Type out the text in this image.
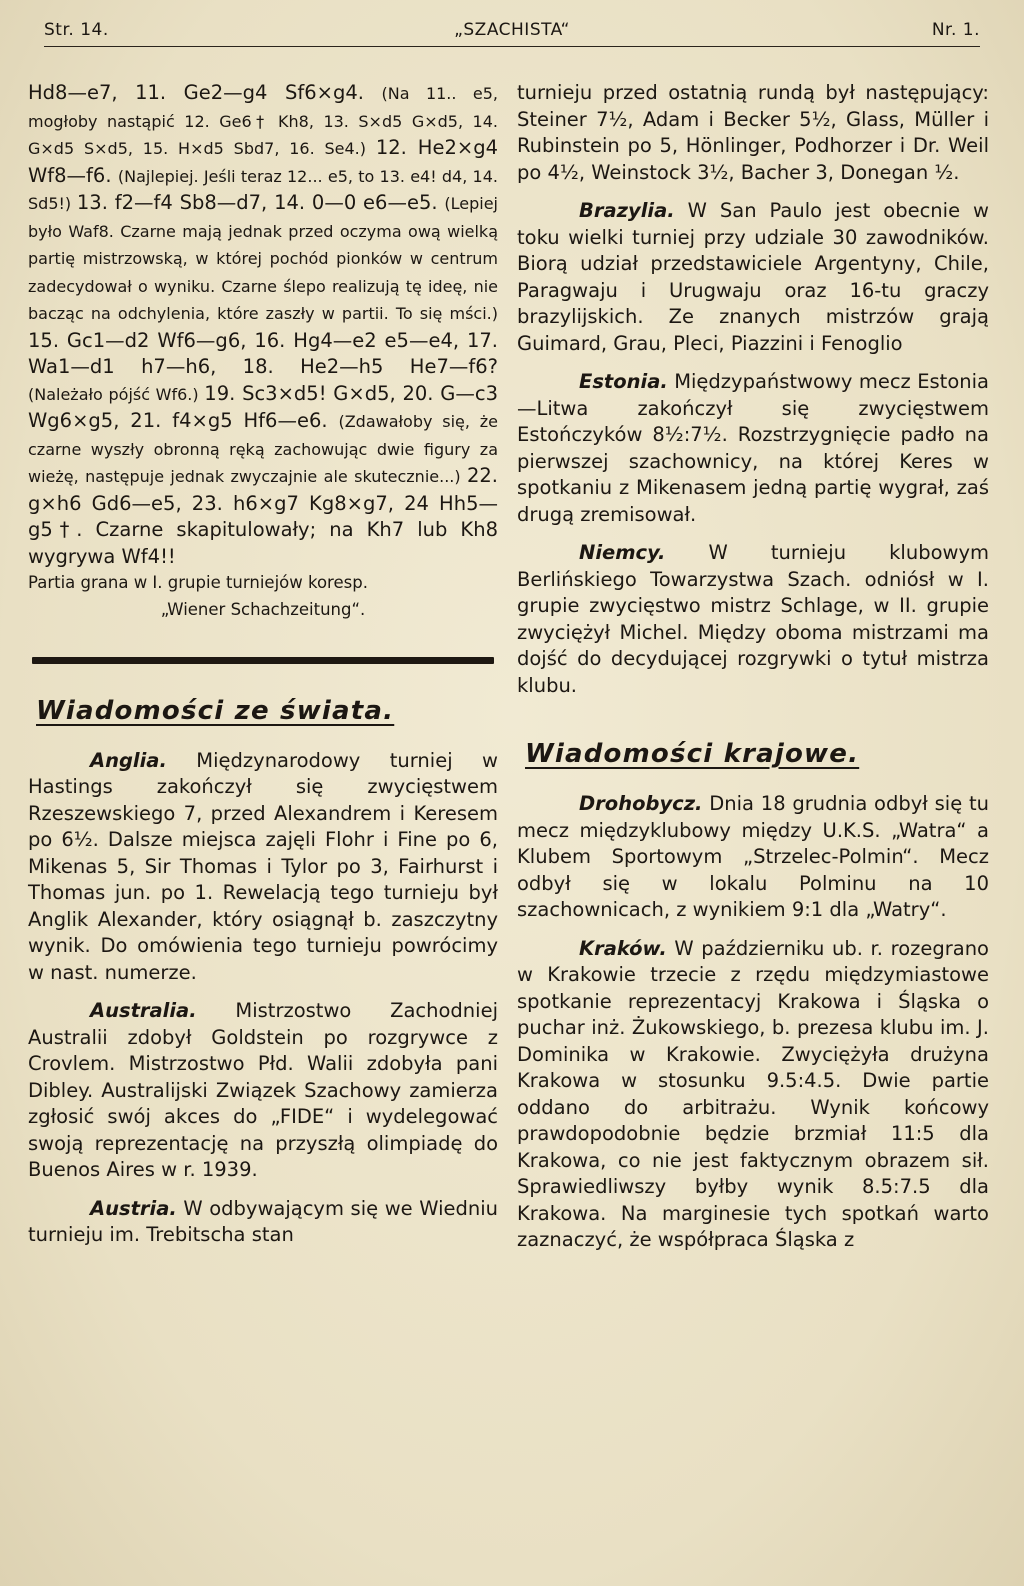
Str. 14.	„SZACHISTA“	Nr. 1.

Hd8—e7, 11. Ge2—g4 Sf6⨯g4. (Na 11.. e5, mogłoby nastąpić 12. Ge6† Kh8, 13. S⨯d5 G⨯d5, 14. G⨯d5 S⨯d5, 15. H⨯d5 Sbd7, 16. Se4.) 12. He2⨯g4 Wf8—f6. (Najlepiej. Jeśli teraz 12... e5, to 13. e4! d4, 14. Sd5!) 13. f2—f4 Sb8—d7, 14. 0—0 e6—e5. (Lepiej było Waf8. Czarne mają jednak przed oczyma ową wielką partię mistrzowską, w której pochód pionków w centrum zadecydował o wyniku. Czarne ślepo realizują tę ideę, nie bacząc na odchylenia, które zaszły w partii. To się mści.) 15. Gc1—d2 Wf6—g6, 16. Hg4—e2 e5—e4, 17. Wa1—d1 h7—h6, 18. He2—h5 He7—f6? (Należało pójść Wf6.) 19. Sc3⨯d5! G⨯d5, 20. G—c3 Wg6⨯g5, 21. f4⨯g5 Hf6—e6. (Zdawałoby się, że czarne wyszły obronną ręką zachowując dwie figury za wieżę, następuje jednak zwyczajnie ale skutecznie...) 22. g⨯h6 Gd6—e5, 23. h6⨯g7 Kg8⨯g7, 24 Hh5—g5†. Czarne skapitulowały; na Kh7 lub Kh8 wygrywa Wf4!!

Partia grana w I. grupie turniejów koresp.

„Wiener Schachzeitung“.

Wiadomości ze świata.

Anglia. Międzynarodowy turniej w Hastings zakończył się zwycięstwem Rzeszewskiego 7, przed Alexandrem i Keresem po 6½. Dalsze miejsca zajęli Flohr i Fine po 6, Mikenas 5, Sir Thomas i Tylor po 3, Fairhurst i Thomas jun. po 1. Rewelacją tego turnieju był Anglik Alexander, który osiągnął b. zaszczytny wynik. Do omówienia tego turnieju powrócimy w nast. numerze.

Australia. Mistrzostwo Zachodniej Australii zdobył Goldstein po rozgrywce z Crovlem. Mistrzostwo Płd. Walii zdobyła pani Dibley. Australijski Związek Szachowy zamierza zgłosić swój akces do „FIDE“ i wydelegować swoją reprezentację na przyszłą olimpiadę do Buenos Aires w r. 1939.

Austria. W odbywającym się we Wiedniu turnieju im. Trebitscha stan

turnieju przed ostatnią rundą był następujący: Steiner 7½, Adam i Becker 5½, Glass, Müller i Rubinstein po 5, Hönlinger, Podhorzer i Dr. Weil po 4½, Weinstock 3½, Bacher 3, Donegan ½.

Brazylia. W San Paulo jest obecnie w toku wielki turniej przy udziale 30 zawodników. Biorą udział przedstawiciele Argentyny, Chile, Paragwaju i Urugwaju oraz 16-tu graczy brazylijskich. Ze znanych mistrzów grają Guimard, Grau, Pleci, Piazzini i Fenoglio

Estonia. Międzypaństwowy mecz Estonia—Litwa zakończył się zwycięstwem Estończyków 8½:7½. Rozstrzygnięcie padło na pierwszej szachownicy, na której Keres w spotkaniu z Mikenasem jedną partię wygrał, zaś drugą zremisował.

Niemcy. W turnieju klubowym Berlińskiego Towarzystwa Szach. odniósł w I. grupie zwycięstwo mistrz Schlage, w II. grupie zwyciężył Michel. Między oboma mistrzami ma dojść do decydującej rozgrywki o tytuł mistrza klubu.

Wiadomości krajowe.

Drohobycz. Dnia 18 grudnia odbył się tu mecz międzyklubowy między U.K.S. „Watra“ a Klubem Sportowym „Strzelec-Polmin“. Mecz odbył się w lokalu Polminu na 10 szachownicach, z wynikiem 9:1 dla „Watry“.

Kraków. W październiku ub. r. rozegrano w Krakowie trzecie z rzędu międzymiastowe spotkanie reprezentacyj Krakowa i Śląska o puchar inż. Żukowskiego, b. prezesa klubu im. J. Dominika w Krakowie. Zwyciężyła drużyna Krakowa w stosunku 9.5:4.5. Dwie partie oddano do arbitrażu. Wynik końcowy prawdopodobnie będzie brzmiał 11:5 dla Krakowa, co nie jest faktycznym obrazem sił. Sprawiedliwszy byłby wynik 8.5:7.5 dla Krakowa. Na marginesie tych spotkań warto zaznaczyć, że współpraca Śląska z
